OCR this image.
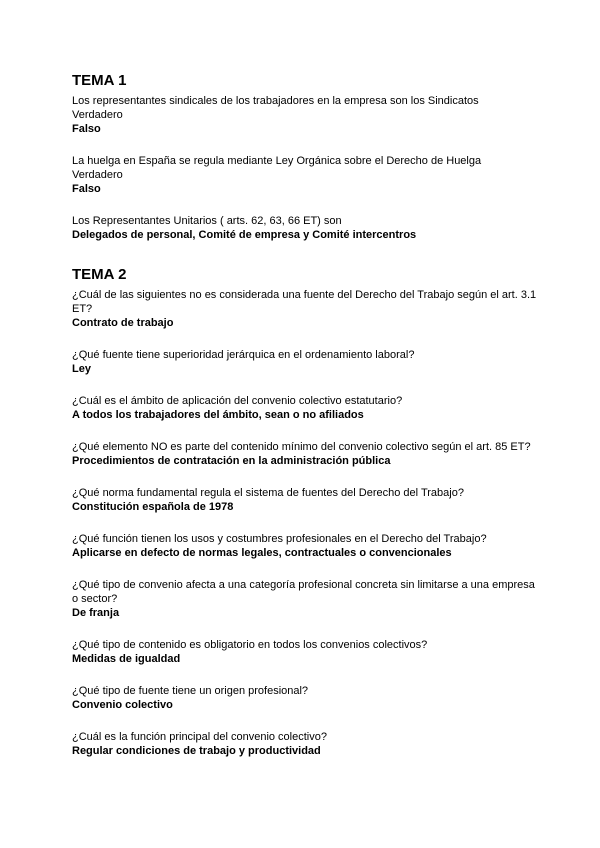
TEMA 1

Los representantes sindicales de los trabajadores en la empresa son los Sindicatos

Verdadero

Falso

La huelga en España se regula mediante Ley Orgánica sobre el Derecho de Huelga

Verdadero

Falso

Los Representantes Unitarios ( arts. 62, 63, 66 ET) son

Delegados de personal, Comité de empresa y Comité intercentros

TEMA 2

¿Cuál de las siguientes no es considerada una fuente del Derecho del Trabajo según el art. 3.1 ET?

Contrato de trabajo

¿Qué fuente tiene superioridad jerárquica en el ordenamiento laboral?

Ley

¿Cuál es el ámbito de aplicación del convenio colectivo estatutario?

A todos los trabajadores del ámbito, sean o no afiliados

¿Qué elemento NO es parte del contenido mínimo del convenio colectivo según el art. 85 ET?

Procedimientos de contratación en la administración pública

¿Qué norma fundamental regula el sistema de fuentes del Derecho del Trabajo?

Constitución española de 1978

¿Qué función tienen los usos y costumbres profesionales en el Derecho del Trabajo?

Aplicarse en defecto de normas legales, contractuales o convencionales

¿Qué tipo de convenio afecta a una categoría profesional concreta sin limitarse a una empresa o sector?

De franja

¿Qué tipo de contenido es obligatorio en todos los convenios colectivos?

Medidas de igualdad

¿Qué tipo de fuente tiene un origen profesional?

Convenio colectivo

¿Cuál es la función principal del convenio colectivo?

Regular condiciones de trabajo y productividad
